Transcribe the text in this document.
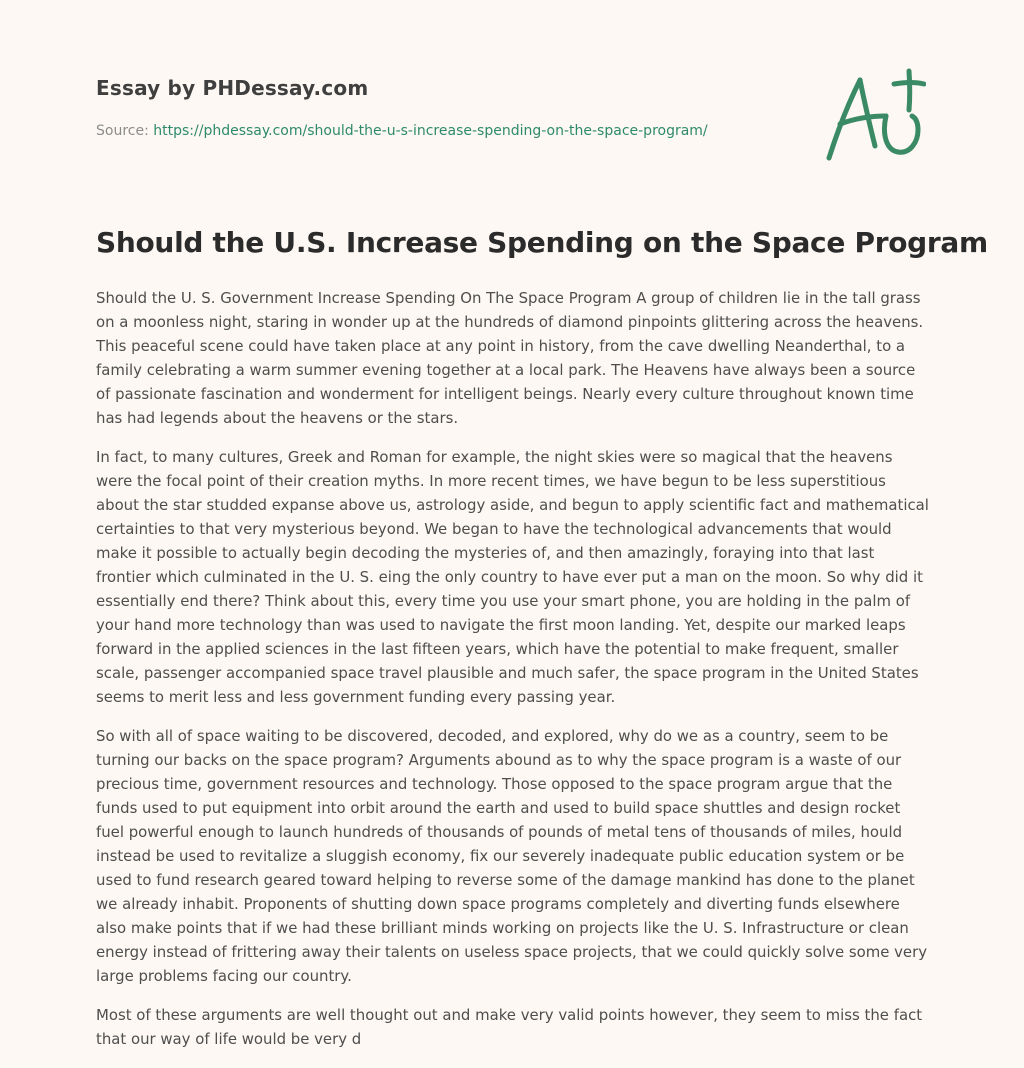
Essay by PHDessay.com
Source: https://phdessay.com/should-the-u-s-increase-spending-on-the-space-program/
Should the U.S. Increase Spending on the Space Program

Should the U. S. Government Increase Spending On The Space Program A group of children lie in the tall grass on a moonless night, staring in wonder up at the hundreds of diamond pinpoints glittering across the heavens. This peaceful scene could have taken place at any point in history, from the cave dwelling Neanderthal, to a family celebrating a warm summer evening together at a local park. The Heavens have always been a source of passionate fascination and wonderment for intelligent beings. Nearly every culture throughout known time has had legends about the heavens or the stars.

In fact, to many cultures, Greek and Roman for example, the night skies were so magical that the heavens were the focal point of their creation myths. In more recent times, we have begun to be less superstitious about the star studded expanse above us, astrology aside, and begun to apply scientific fact and mathematical certainties to that very mysterious beyond. We began to have the technological advancements that would make it possible to actually begin decoding the mysteries of, and then amazingly, foraying into that last frontier which culminated in the U. S. eing the only country to have ever put a man on the moon. So why did it essentially end there? Think about this, every time you use your smart phone, you are holding in the palm of your hand more technology than was used to navigate the first moon landing. Yet, despite our marked leaps forward in the applied sciences in the last fifteen years, which have the potential to make frequent, smaller scale, passenger accompanied space travel plausible and much safer, the space program in the United States seems to merit less and less government funding every passing year.

So with all of space waiting to be discovered, decoded, and explored, why do we as a country, seem to be turning our backs on the space program? Arguments abound as to why the space program is a waste of our precious time, government resources and technology. Those opposed to the space program argue that the funds used to put equipment into orbit around the earth and used to build space shuttles and design rocket fuel powerful enough to launch hundreds of thousands of pounds of metal tens of thousands of miles, hould instead be used to revitalize a sluggish economy, fix our severely inadequate public education system or be used to fund research geared toward helping to reverse some of the damage mankind has done to the planet we already inhabit. Proponents of shutting down space programs completely and diverting funds elsewhere also make points that if we had these brilliant minds working on projects like the U. S. Infrastructure or clean energy instead of frittering away their talents on useless space projects, that we could quickly solve some very large problems facing our country.

Most of these arguments are well thought out and make very valid points however, they seem to miss the fact that our way of life would be very d
